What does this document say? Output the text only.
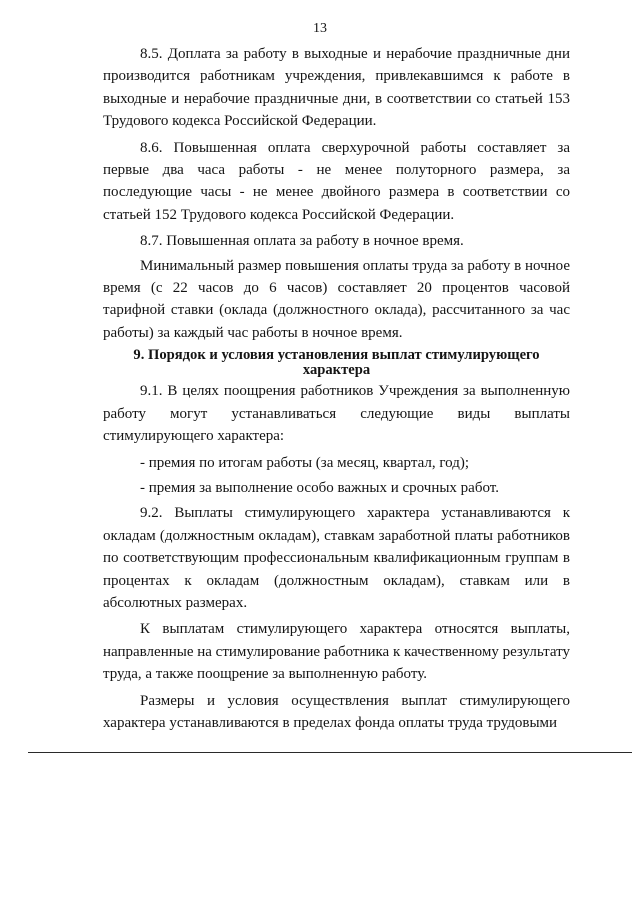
13

8.5. Доплата за работу в выходные и нерабочие праздничные дни производится работникам учреждения, привлекавшимся к работе в выходные и нерабочие праздничные дни, в соответствии со статьей 153 Трудового кодекса Российской Федерации.

8.6. Повышенная оплата сверхурочной работы составляет за первые два часа работы - не менее полуторного размера, за последующие часы - не менее двойного размера в соответствии со статьей 152 Трудового кодекса Российской Федерации.

8.7. Повышенная оплата за работу в ночное время.

Минимальный размер повышения оплаты труда за работу в ночное время (с 22 часов до 6 часов) составляет 20 процентов часовой тарифной ставки (оклада (должностного оклада), рассчитанного за час работы) за каждый час работы в ночное время.

9. Порядок и условия установления выплат стимулирующего
характера

9.1. В целях поощрения работников Учреждения за выполненную работу могут устанавливаться следующие виды выплаты стимулирующего характера:

- премия по итогам работы (за месяц, квартал, год);

- премия за выполнение особо важных и срочных работ.

9.2. Выплаты стимулирующего характера устанавливаются к окладам (должностным окладам), ставкам заработной платы работников по соответствующим профессиональным квалификационным группам в процентах к окладам (должностным окладам), ставкам или в абсолютных размерах.

К выплатам стимулирующего характера относятся выплаты, направленные на стимулирование работника к качественному результату труда, а также поощрение за выполненную работу.

Размеры и условия осуществления выплат стимулирующего характера устанавливаются в пределах фонда оплаты труда трудовыми
